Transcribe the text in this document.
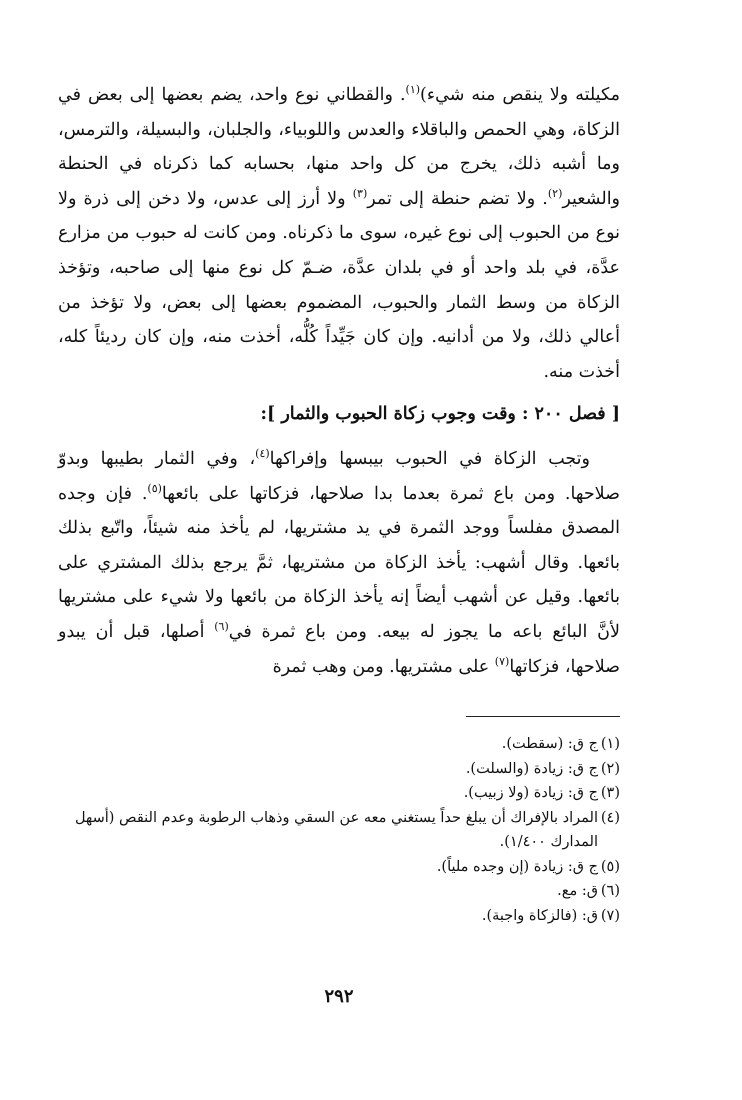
مكيلته ولا ينقص منه شيء)$^{(١)}$. والقطاني نوع واحد، يضم بعضها إلى بعض في الزكاة، وهي الحمص والباقلاء والعدس واللوبياء، والجلبان، والبسيلة، والترمس، وما أشبه ذلك، يخرج من كل واحد منها، بحسابه كما ذكرناه في الحنطة والشعير$^{(٢)}$. ولا تضم حنطة إلى تمر$^{(٣)}$ ولا أرز إلى عدس، ولا دخن إلى ذرة ولا نوع من الحبوب إلى نوع غيره، سوى ما ذكرناه. ومن كانت له حبوب من مزارع عدَّة، في بلد واحد أو في بلدان عدَّة، ضـمّ كل نوع منها إلى صاحبه، وتؤخذ الزكاة من وسط الثمار والحبوب، المضموم بعضها إلى بعض، ولا تؤخذ من أعالي ذلك، ولا من أدانيه. وإن كان جَيِّداً كُلُّه، أخذت منه، وإن كان رديئاً كله، أخذت منه.

[ فصل ٢٠٠ : وقت وجوب زكاة الحبوب والثمار ]:

وتجب الزكاة في الحبوب بيبسها وإفراكها$^{(٤)}$، وفي الثمار بطيبها وبدوّ صلاحها. ومن باع ثمرة بعدما بدا صلاحها، فزكاتها على بائعها$^{(٥)}$. فإن وجده المصدق مفلساً ووجد الثمرة في يد مشتريها، لم يأخذ منه شيئاً، واتّبع بذلك بائعها. وقال أشهب: يأخذ الزكاة من مشتريها، ثمَّ يرجع بذلك المشتري على بائعها. وقيل عن أشهب أيضاً إنه يأخذ الزكاة من بائعها ولا شيء على مشتريها لأنَّ البائع باعه ما يجوز له بيعه. ومن باع ثمرة في$^{(٦)}$ أصلها، قبل أن يبدو صلاحها، فزكاتها$^{(٧)}$ على مشتريها. ومن وهب ثمرة

(١)
ج ق: (سقطت).
(٢)
ج ق: زيادة (والسلت).
(٣)
ج ق: زيادة (ولا زبيب).
(٤)
المراد بالإفراك أن يبلغ حداً يستغني معه عن السقي وذهاب الرطوبة وعدم النقص (أسهل المدارك ١/٤٠٠).
(٥)
ج ق: زيادة (إن وجده ملياً).
(٦)
ق: مع.
(٧)
ق: (فالزكاة واجبة).
٢٩٢
